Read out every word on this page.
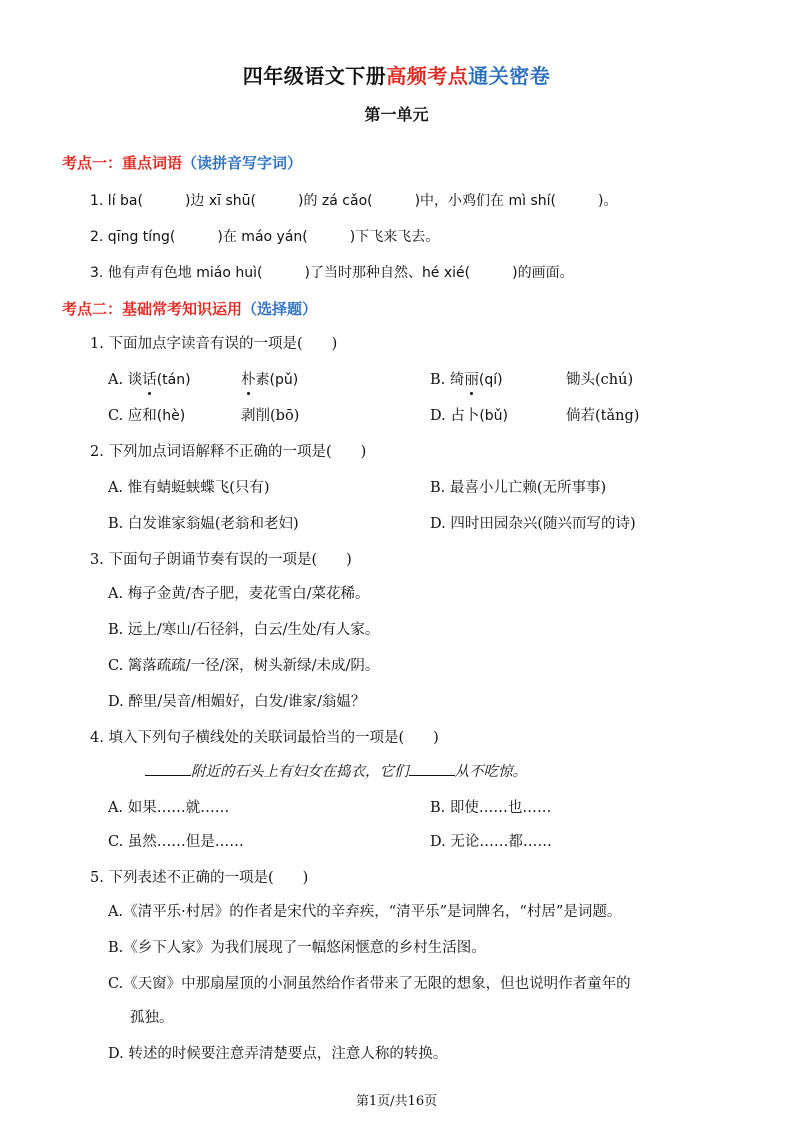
四年级语文下册高频考点通关密卷
第一单元
考点一：重点词语（读拼音写字词）
1. lí ba(　　　)边 xī shū(　　　)的 zá cǎo(　　　)中，小鸡们在 mì shí(　　　)。
2. qīng tíng(　　　)在 máo yán(　　　)下飞来飞去。
3. 他有声有色地 miáo huì(　　　)了当时那种自然、hé xié(　　　)的画面。
考点二：基础常考知识运用（选择题）
1. 下面加点字读音有误的一项是(　　)
A. 谈话(tán)	朴素(pǔ)	B. 绮丽(qí)	锄头(chú)
C. 应和(hè)	剥削(bō)	D. 占卜(bǔ)	倘若(tǎng)
2. 下列加点词语解释不正确的一项是(　　)
A. 惟有蜻蜓蛱蝶飞(只有)	B. 最喜小儿亡赖(无所事事)
B. 白发谁家翁媪(老翁和老妇)	D. 四时田园杂兴(随兴而写的诗)
3. 下面句子朗诵节奏有误的一项是(　　)
A. 梅子金黄/杏子肥，麦花雪白/菜花稀。
B. 远上/寒山/石径斜，白云/生处/有人家。
C. 篱落疏疏/一径/深，树头新绿/未成/阴。
D. 醉里/吴音/相媚好，白发/谁家/翁媪？
4. 填入下列句子横线处的关联词最恰当的一项是(　　)
附近的石头上有妇女在捣衣，它们	从不吃惊。
A. 如果……就……	B. 即使……也……
C. 虽然……但是……	D. 无论……都……
5. 下列表述不正确的一项是(　　)
A.《清平乐·村居》的作者是宋代的辛弃疾，“清平乐”是词牌名，“村居”是词题。
B.《乡下人家》为我们展现了一幅悠闲惬意的乡村生活图。
C.《天窗》中那扇屋顶的小洞虽然给作者带来了无限的想象，但也说明作者童年的
孤独。
D. 转述的时候要注意弄清楚要点，注意人称的转换。
第1页/共16页
